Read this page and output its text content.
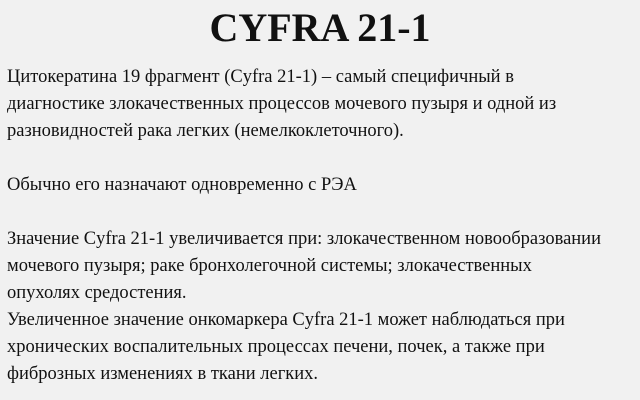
CYFRA 21-1

Цитокератина 19 фрагмент (Cyfra 21-1) – самый специфичный в
диагностике злокачественных процессов мочевого пузыря и одной из
разновидностей рака легких (немелкоклеточного).

Обычно его назначают одновременно с РЭА

Значение Cyfra 21-1 увеличивается при: злокачественном новообразовании
мочевого пузыря; раке бронхолегочной системы; злокачественных
опухолях средостения.

Увеличенное значение онкомаркера Cyfra 21-1 может наблюдаться при
хронических воспалительных процессах печени, почек, а также при
фиброзных изменениях в ткани легких.
